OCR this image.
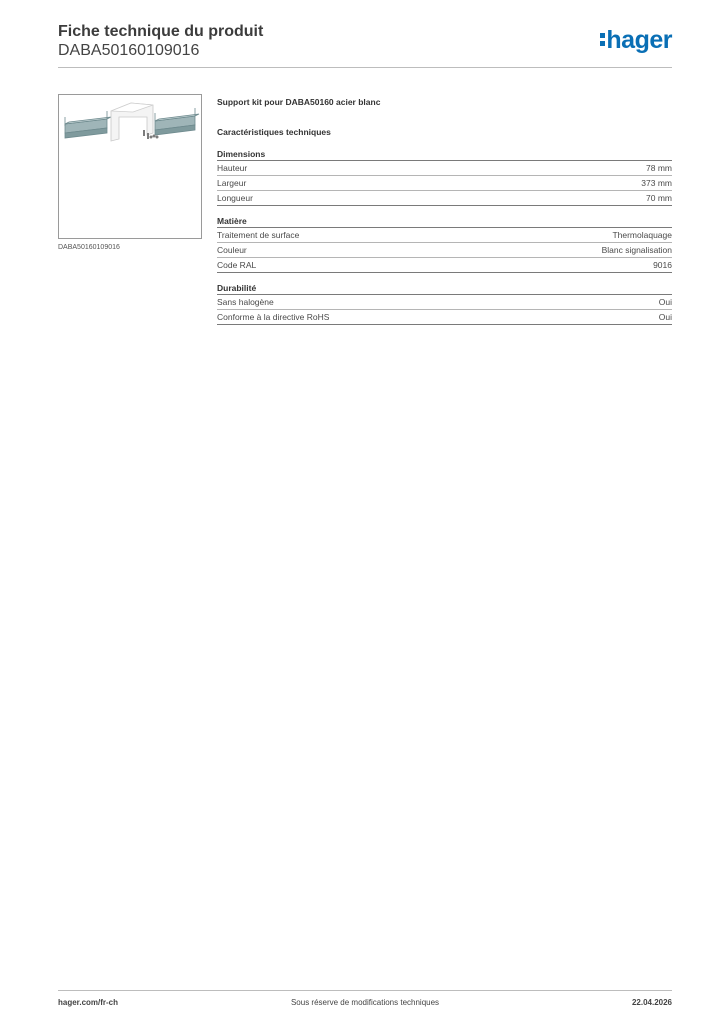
Fiche technique du produit
DABA50160109016	hager
DABA50160109016
Support kit pour DABA50160 acier blanc
Caractéristiques techniques
Dimensions
Hauteur	78 mm
Largeur	373 mm
Longueur	70 mm
Matière
Traitement de surface	Thermolaquage
Couleur	Blanc signalisation
Code RAL	9016
Durabilité
Sans halogène	Oui
Conforme à la directive RoHS	Oui
hager.com/fr-ch	Sous réserve de modifications techniques	22.04.2026
